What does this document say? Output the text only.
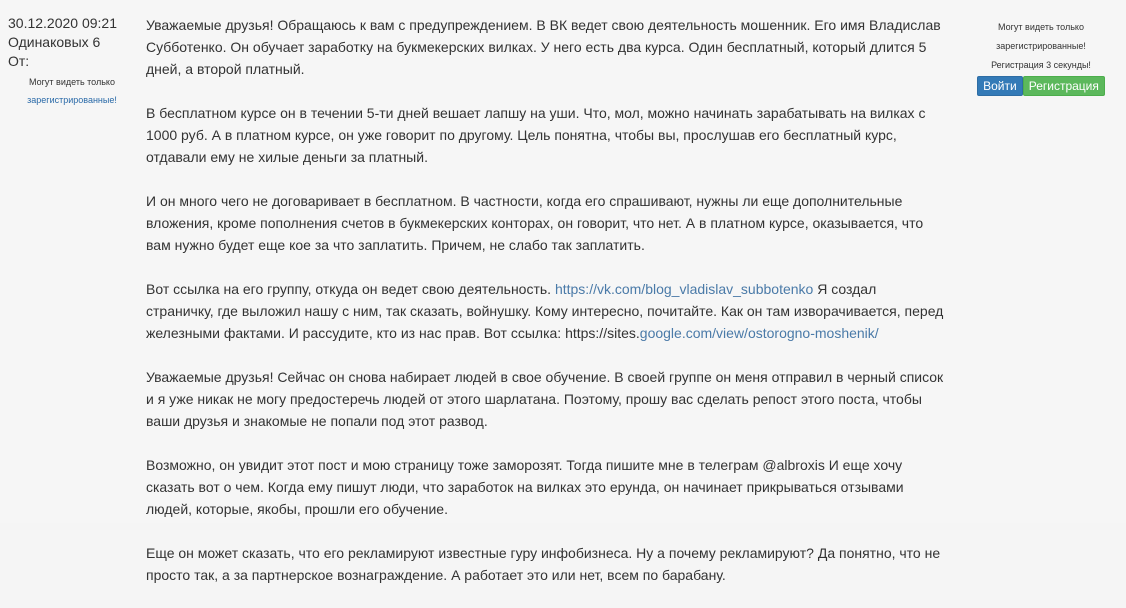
30.12.2020 09:21
Одинаковых 6
От:
Могут видеть только
зарегистрированные!

Уважаемые друзья! Обращаюсь к вам с предупреждением. В ВК ведет свою деятельность мошенник. Его имя Владислав Субботенко. Он обучает заработку на букмекерских вилках. У него есть два курса. Один бесплатный, который длится 5 дней, а второй платный.

В бесплатном курсе он в течении 5-ти дней вешает лапшу на уши. Что, мол, можно начинать зарабатывать на вилках с 1000 руб. А в платном курсе, он уже говорит по другому. Цель понятна, чтобы вы, прослушав его бесплатный курс, отдавали ему не хилые деньги за платный.

И он много чего не договаривает в бесплатном. В частности, когда его спрашивают, нужны ли еще дополнительные вложения, кроме пополнения счетов в букмекерских конторах, он говорит, что нет. А в платном курсе, оказывается, что вам нужно будет еще кое за что заплатить. Причем, не слабо так заплатить.

Вот ссылка на его группу, откуда он ведет свою деятельность. https://vk.com/blog_vladislav_subbotenko Я создал страничку, где выложил нашу с ним, так сказать, войнушку. Кому интересно, почитайте. Как он там изворачивается, перед железными фактами. И рассудите, кто из нас прав. Вот ссылка: https://sites.google.com/view/ostorogno-moshenik/

Уважаемые друзья! Сейчас он снова набирает людей в свое обучение. В своей группе он меня отправил в черный список и я уже никак не могу предостеречь людей от этого шарлатана. Поэтому, прошу вас сделать репост этого поста, чтобы ваши друзья и знакомые не попали под этот развод.

Возможно, он увидит этот пост и мою страницу тоже заморозят. Тогда пишите мне в телеграм @albroxis И еще хочу сказать вот о чем. Когда ему пишут люди, что заработок на вилках это ерунда, он начинает прикрываться отзывами людей, которые, якобы, прошли его обучение.

Еще он может сказать, что его рекламируют известные гуру инфобизнеса. Ну а почему рекламируют? Да понятно, что не просто так, а за партнерское вознаграждение. А работает это или нет, всем по барабану.

Могут видеть только
зарегистрированные!
Регистрация 3 секунды!
Войти	Регистрация
